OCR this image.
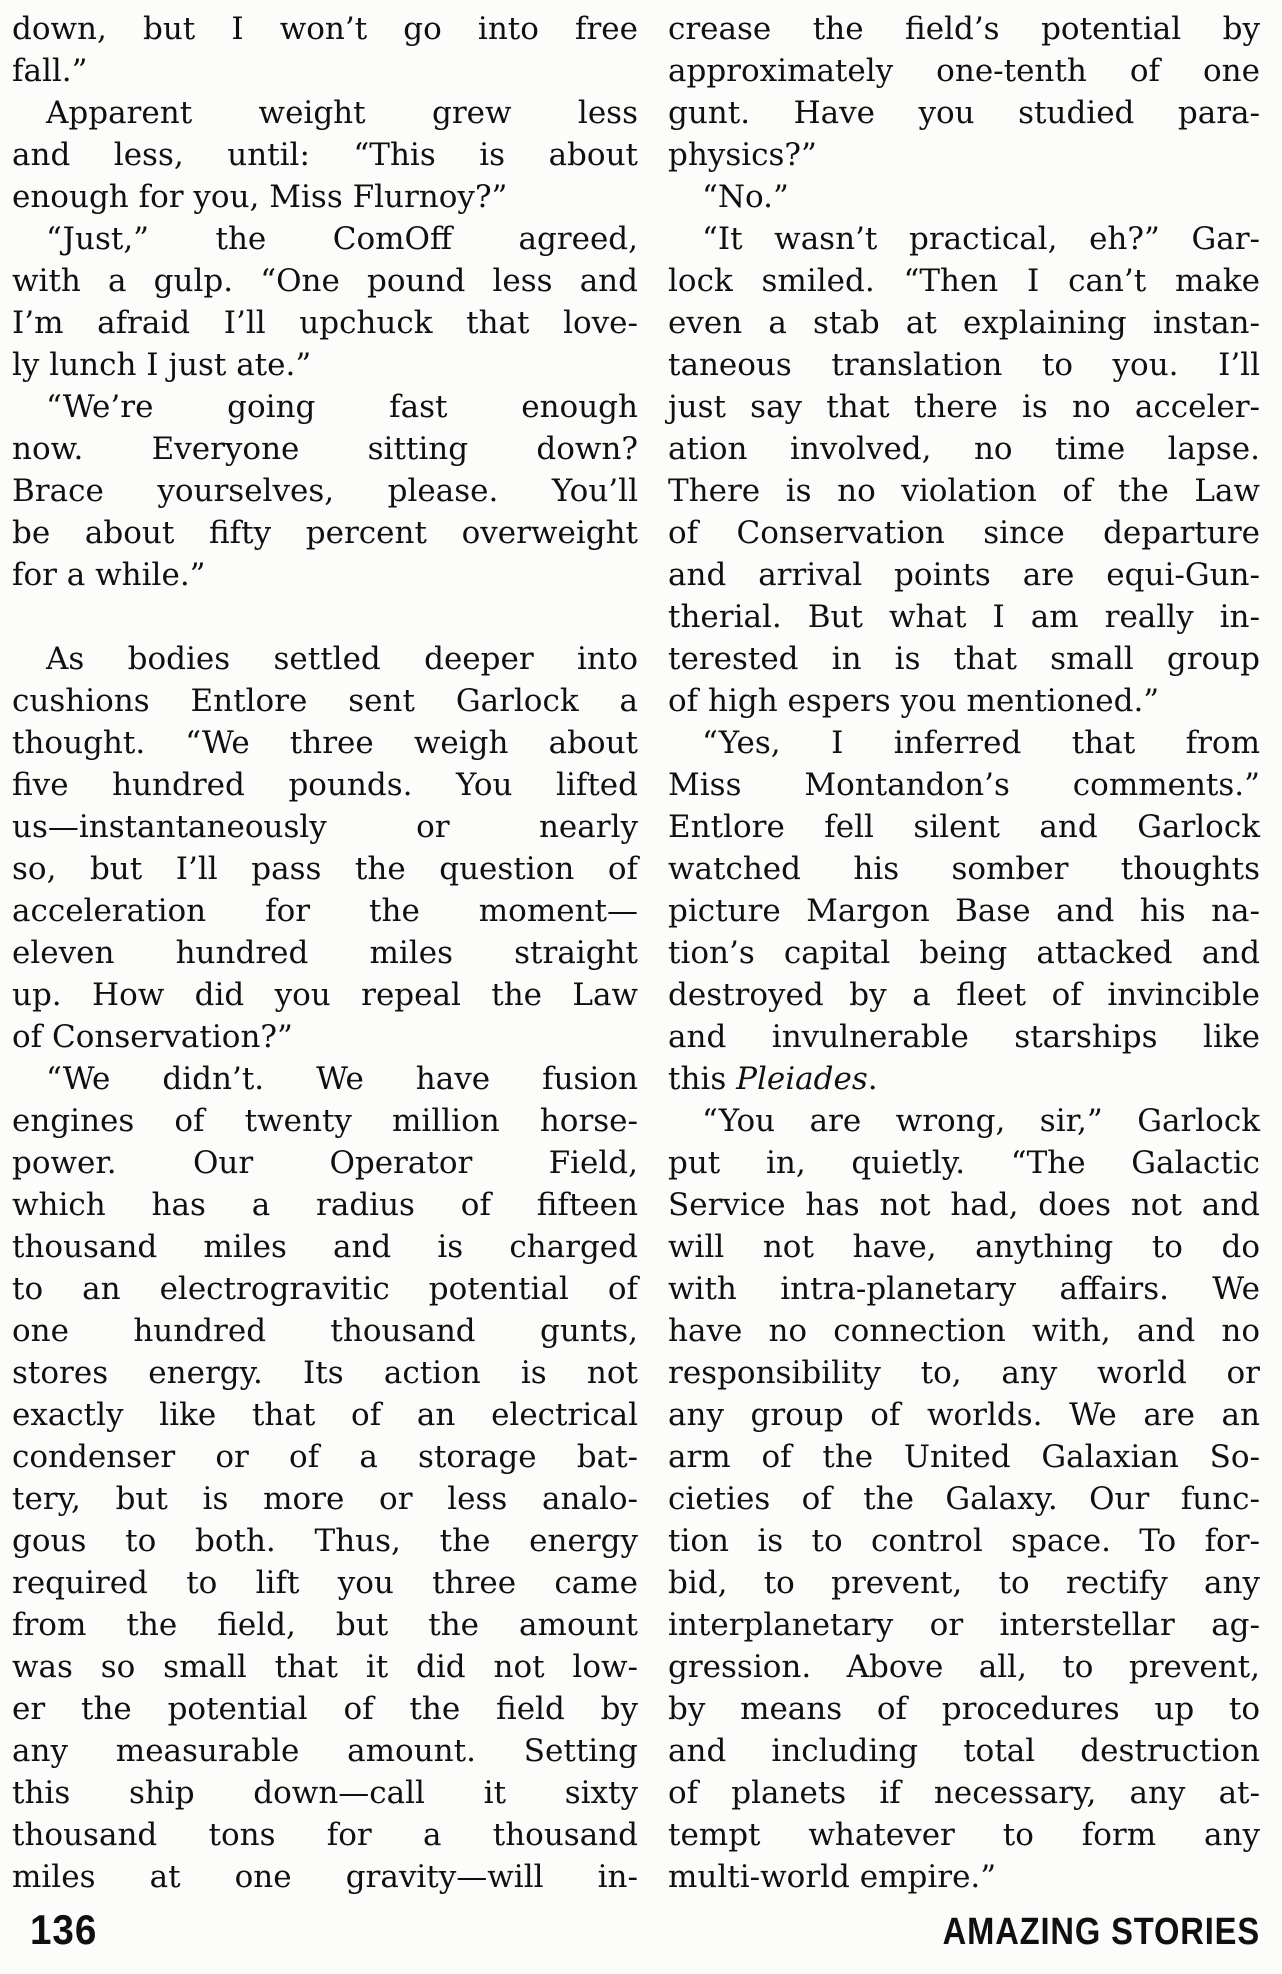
down, but I won’t go into free
fall.”
Apparent weight grew less
and less, until: “This is about
enough for you, Miss Flurnoy?”
“Just,” the ComOff agreed,
with a gulp. “One pound less and
I’m afraid I’ll upchuck that love-
ly lunch I just ate.”
“We’re going fast enough
now. Everyone sitting down?
Brace yourselves, please. You’ll
be about fifty percent overweight
for a while.”
As bodies settled deeper into
cushions Entlore sent Garlock a
thought. “We three weigh about
five hundred pounds. You lifted
us—instantaneously or nearly
so, but I’ll pass the question of
acceleration for the moment—
eleven hundred miles straight
up. How did you repeal the Law
of Conservation?”
“We didn’t. We have fusion
engines of twenty million horse-
power. Our Operator Field,
which has a radius of fifteen
thousand miles and is charged
to an electrogravitic potential of
one hundred thousand gunts,
stores energy. Its action is not
exactly like that of an electrical
condenser or of a storage bat-
tery, but is more or less analo-
gous to both. Thus, the energy
required to lift you three came
from the field, but the amount
was so small that it did not low-
er the potential of the field by
any measurable amount. Setting
this ship down—call it sixty
thousand tons for a thousand
miles at one gravity—will in-
crease the field’s potential by
approximately one-tenth of one
gunt. Have you studied para-
physics?”
“No.”
“It wasn’t practical, eh?” Gar-
lock smiled. “Then I can’t make
even a stab at explaining instan-
taneous translation to you. I’ll
just say that there is no acceler-
ation involved, no time lapse.
There is no violation of the Law
of Conservation since departure
and arrival points are equi-Gun-
therial. But what I am really in-
terested in is that small group
of high espers you mentioned.”
“Yes, I inferred that from
Miss Montandon’s comments.”
Entlore fell silent and Garlock
watched his somber thoughts
picture Margon Base and his na-
tion’s capital being attacked and
destroyed by a fleet of invincible
and invulnerable starships like
this Pleiades.
“You are wrong, sir,” Garlock
put in, quietly. “The Galactic
Service has not had, does not and
will not have, anything to do
with intra-planetary affairs. We
have no connection with, and no
responsibility to, any world or
any group of worlds. We are an
arm of the United Galaxian So-
cieties of the Galaxy. Our func-
tion is to control space. To for-
bid, to prevent, to rectify any
interplanetary or interstellar ag-
gression. Above all, to prevent,
by means of procedures up to
and including total destruction
of planets if necessary, any at-
tempt whatever to form any
multi-world empire.”
136	AMAZING STORIES
